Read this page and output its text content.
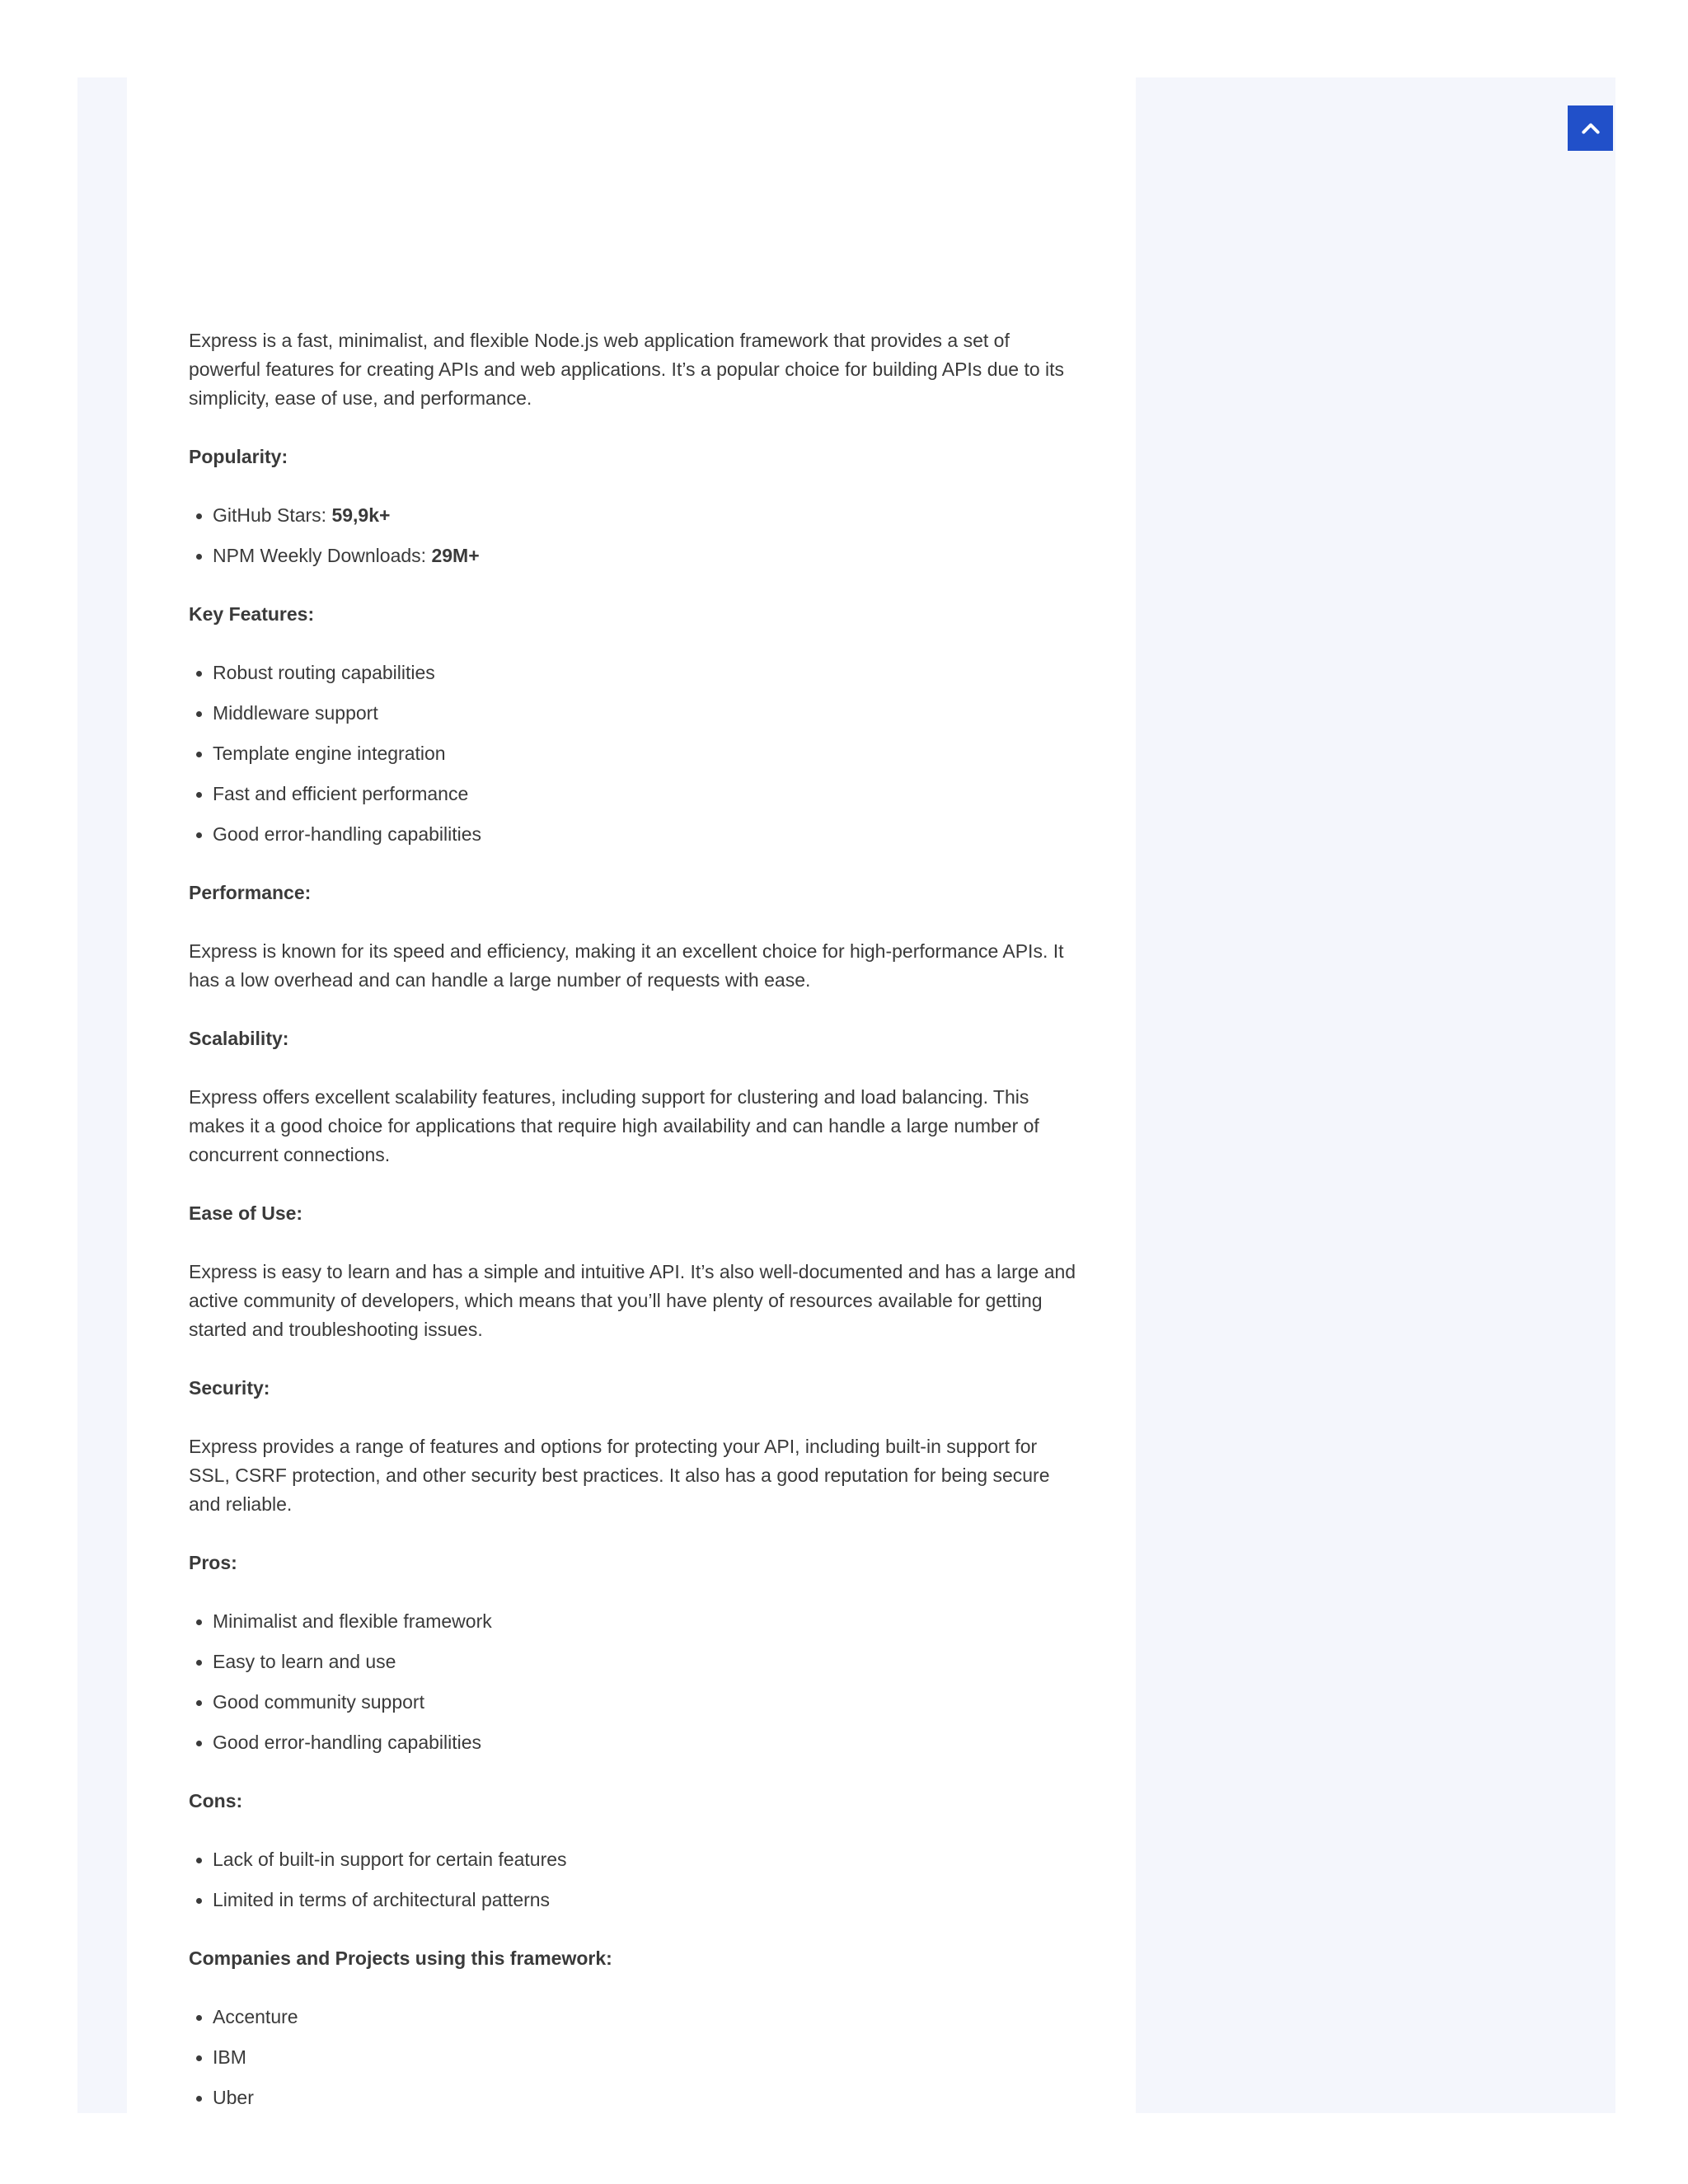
Express is a fast, minimalist, and flexible Node.js web application framework that provides a set of powerful features for creating APIs and web applications. It’s a popular choice for building APIs due to its simplicity, ease of use, and performance.

Popularity:

GitHub Stars: 59,9k+
NPM Weekly Downloads: 29M+

Key Features:

Robust routing capabilities
Middleware support
Template engine integration
Fast and efficient performance
Good error-handling capabilities

Performance:

Express is known for its speed and efficiency, making it an excellent choice for high-performance APIs. It has a low overhead and can handle a large number of requests with ease.

Scalability:

Express offers excellent scalability features, including support for clustering and load balancing. This makes it a good choice for applications that require high availability and can handle a large number of concurrent connections.

Ease of Use:

Express is easy to learn and has a simple and intuitive API. It’s also well-documented and has a large and active community of developers, which means that you’ll have plenty of resources available for getting started and troubleshooting issues.

Security:

Express provides a range of features and options for protecting your API, including built-in support for SSL, CSRF protection, and other security best practices. It also has a good reputation for being secure and reliable.

Pros:

Minimalist and flexible framework
Easy to learn and use
Good community support
Good error-handling capabilities

Cons:

Lack of built-in support for certain features
Limited in terms of architectural patterns

Companies and Projects using this framework:

Accenture
IBM
Uber
